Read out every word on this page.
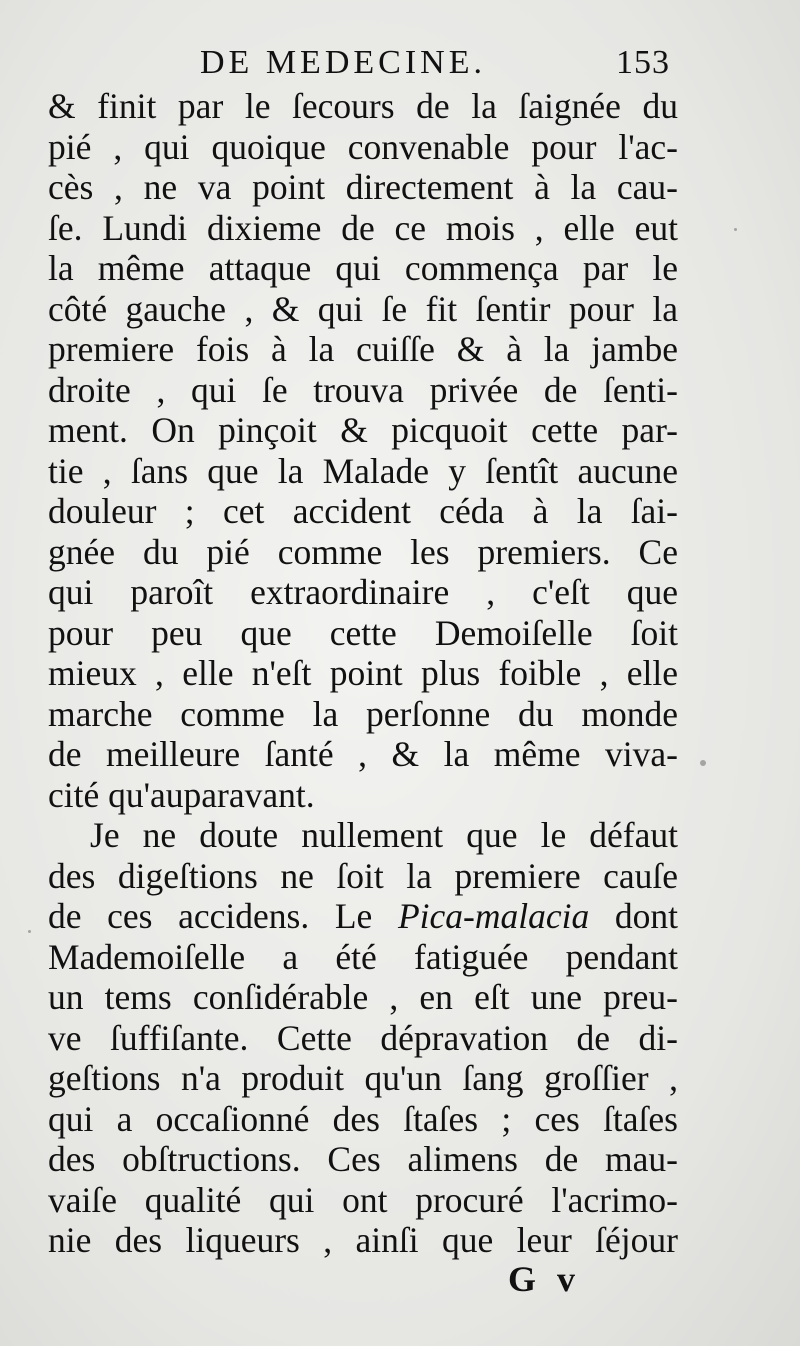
DE MEDECINE.	153
& finit par le ſecours de la ſaignée du
pié , qui quoique convenable pour l'ac-
cès , ne va point directement à la cau-
ſe. Lundi dixieme de ce mois , elle eut
la même attaque qui commença par le
côté gauche , & qui ſe fit ſentir pour la
premiere fois à la cuiſſe & à la jambe
droite , qui ſe trouva privée de ſenti-
ment. On pinçoit & picquoit cette par-
tie , ſans que la Malade y ſentît aucune
douleur ; cet accident céda à la ſai-
gnée du pié comme les premiers. Ce
qui paroît extraordinaire , c'eſt que
pour peu que cette Demoiſelle ſoit
mieux , elle n'eſt point plus foible , elle
marche comme la perſonne du monde
de meilleure ſanté , & la même viva-
cité qu'auparavant.
Je ne doute nullement que le défaut
des digeſtions ne ſoit la premiere cauſe
de ces accidens. Le Pica-malacia dont
Mademoiſelle a été fatiguée pendant
un tems conſidérable , en eſt une preu-
ve ſuffiſante. Cette dépravation de di-
geſtions n'a produit qu'un ſang groſſier ,
qui a occaſionné des ſtaſes ; ces ſtaſes
des obſtructions. Ces alimens de mau-
vaiſe qualité qui ont procuré l'acrimo-
nie des liqueurs , ainſi que leur ſéjour
G v
